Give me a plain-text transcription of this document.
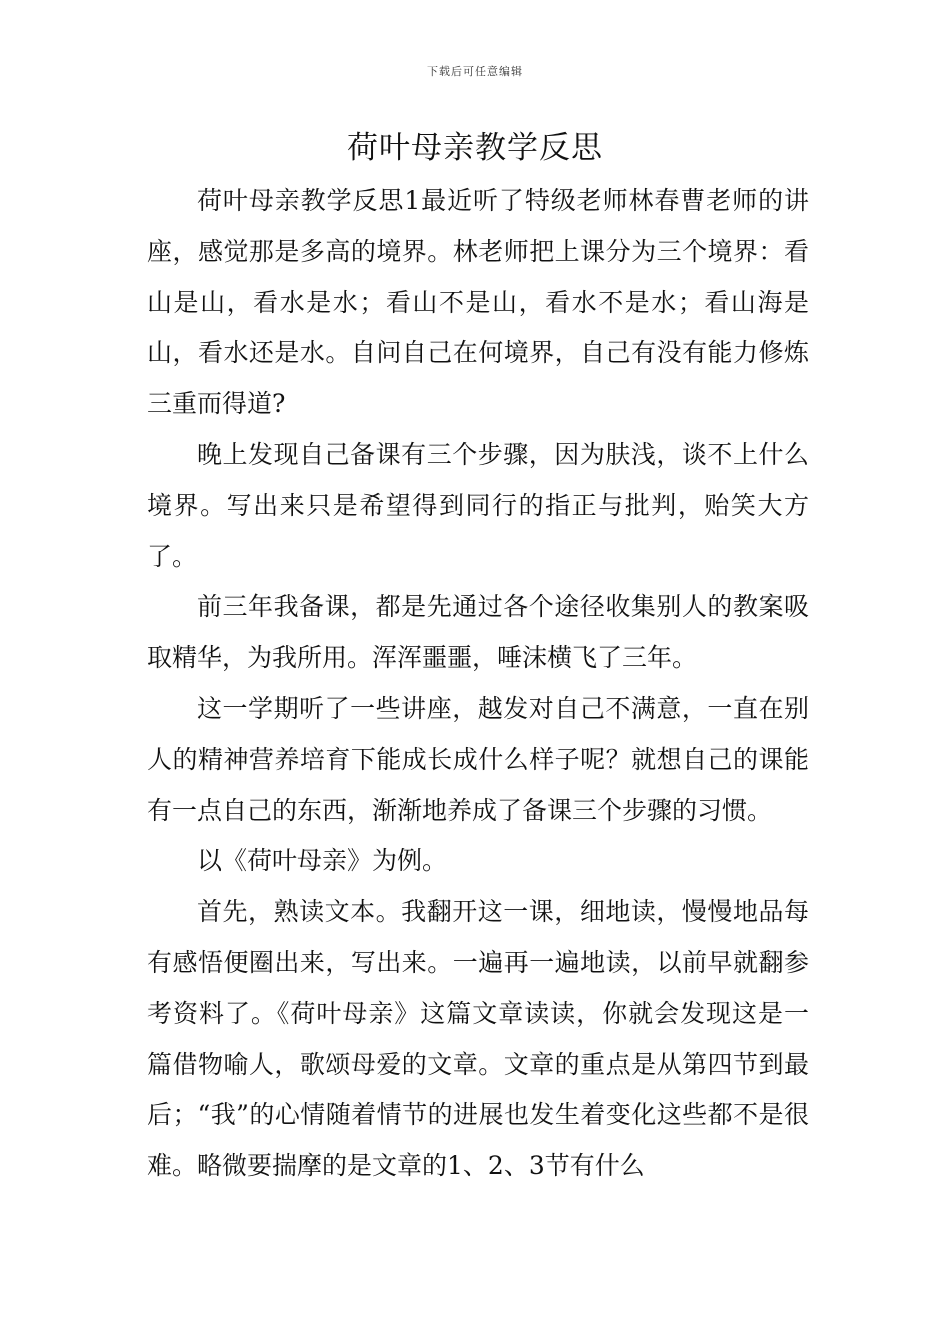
下载后可任意编辑
荷叶母亲教学反思

荷叶母亲教学反思1最近听了特级老师林春曹老师的讲座，感觉那是多高的境界。林老师把上课分为三个境界：看山是山，看水是水；看山不是山，看水不是水；看山海是山，看水还是水。自问自己在何境界，自己有没有能力修炼三重而得道?

晚上发现自己备课有三个步骤，因为肤浅，谈不上什么境界。写出来只是希望得到同行的指正与批判，贻笑大方了。

前三年我备课，都是先通过各个途径收集别人的教案吸取精华，为我所用。浑浑噩噩，唾沫横飞了三年。

这一学期听了一些讲座，越发对自己不满意，一直在别人的精神营养培育下能成长成什么样子呢？就想自己的课能有一点自己的东西，渐渐地养成了备课三个步骤的习惯。

以《荷叶母亲》为例。

首先，熟读文本。我翻开这一课，细地读，慢慢地品每有感悟便圈出来，写出来。一遍再一遍地读，以前早就翻参考资料了。《荷叶母亲》这篇文章读读，你就会发现这是一篇借物喻人，歌颂母爱的文章。文章的重点是从第四节到最后；“我”的心情随着情节的进展也发生着变化这些都不是很难。略微要揣摩的是文章的1、2、3节有什么
